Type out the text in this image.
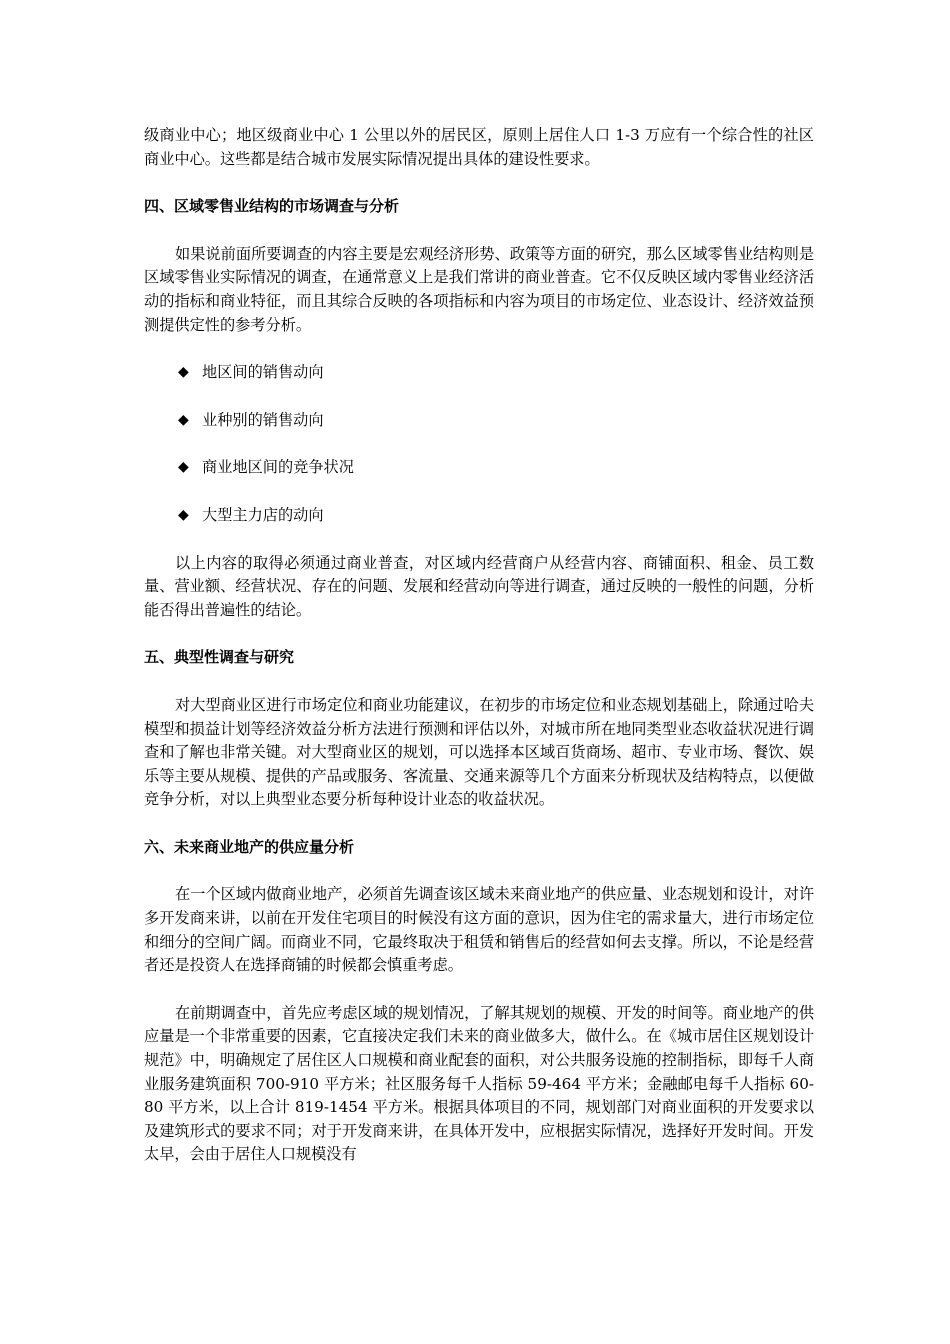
级商业中心；地区级商业中心 1 公里以外的居民区，原则上居住人口 1-3 万应有一个综合性的社区商业中心。这些都是结合城市发展实际情况提出具体的建设性要求。

四、区域零售业结构的市场调查与分析

如果说前面所要调查的内容主要是宏观经济形势、政策等方面的研究，那么区域零售业结构则是区域零售业实际情况的调查，在通常意义上是我们常讲的商业普查。它不仅反映区域内零售业经济活动的指标和商业特征，而且其综合反映的各项指标和内容为项目的市场定位、业态设计、经济效益预测提供定性的参考分析。

◆ 地区间的销售动向
◆ 业种别的销售动向
◆ 商业地区间的竞争状况
◆ 大型主力店的动向

以上内容的取得必须通过商业普查，对区域内经营商户从经营内容、商铺面积、租金、员工数量、营业额、经营状况、存在的问题、发展和经营动向等进行调查，通过反映的一般性的问题，分析能否得出普遍性的结论。

五、典型性调查与研究

对大型商业区进行市场定位和商业功能建议，在初步的市场定位和业态规划基础上，除通过哈夫模型和损益计划等经济效益分析方法进行预测和评估以外，对城市所在地同类型业态收益状况进行调查和了解也非常关键。对大型商业区的规划，可以选择本区域百货商场、超市、专业市场、餐饮、娱乐等主要从规模、提供的产品或服务、客流量、交通来源等几个方面来分析现状及结构特点，以便做竞争分析，对以上典型业态要分析每种设计业态的收益状况。

六、未来商业地产的供应量分析

在一个区域内做商业地产，必须首先调查该区域未来商业地产的供应量、业态规划和设计，对许多开发商来讲，以前在开发住宅项目的时候没有这方面的意识，因为住宅的需求量大，进行市场定位和细分的空间广阔。而商业不同，它最终取决于租赁和销售后的经营如何去支撑。所以，不论是经营者还是投资人在选择商铺的时候都会慎重考虑。

在前期调查中，首先应考虑区域的规划情况，了解其规划的规模、开发的时间等。商业地产的供应量是一个非常重要的因素，它直接决定我们未来的商业做多大，做什么。在《城市居住区规划设计规范》中，明确规定了居住区人口规模和商业配套的面积，对公共服务设施的控制指标，即每千人商业服务建筑面积 700-910 平方米；社区服务每千人指标 59-464 平方米；金融邮电每千人指标 60-80 平方米，以上合计 819-1454 平方米。根据具体项目的不同，规划部门对商业面积的开发要求以及建筑形式的要求不同；对于开发商来讲，在具体开发中，应根据实际情况，选择好开发时间。开发太早，会由于居住人口规模没有
